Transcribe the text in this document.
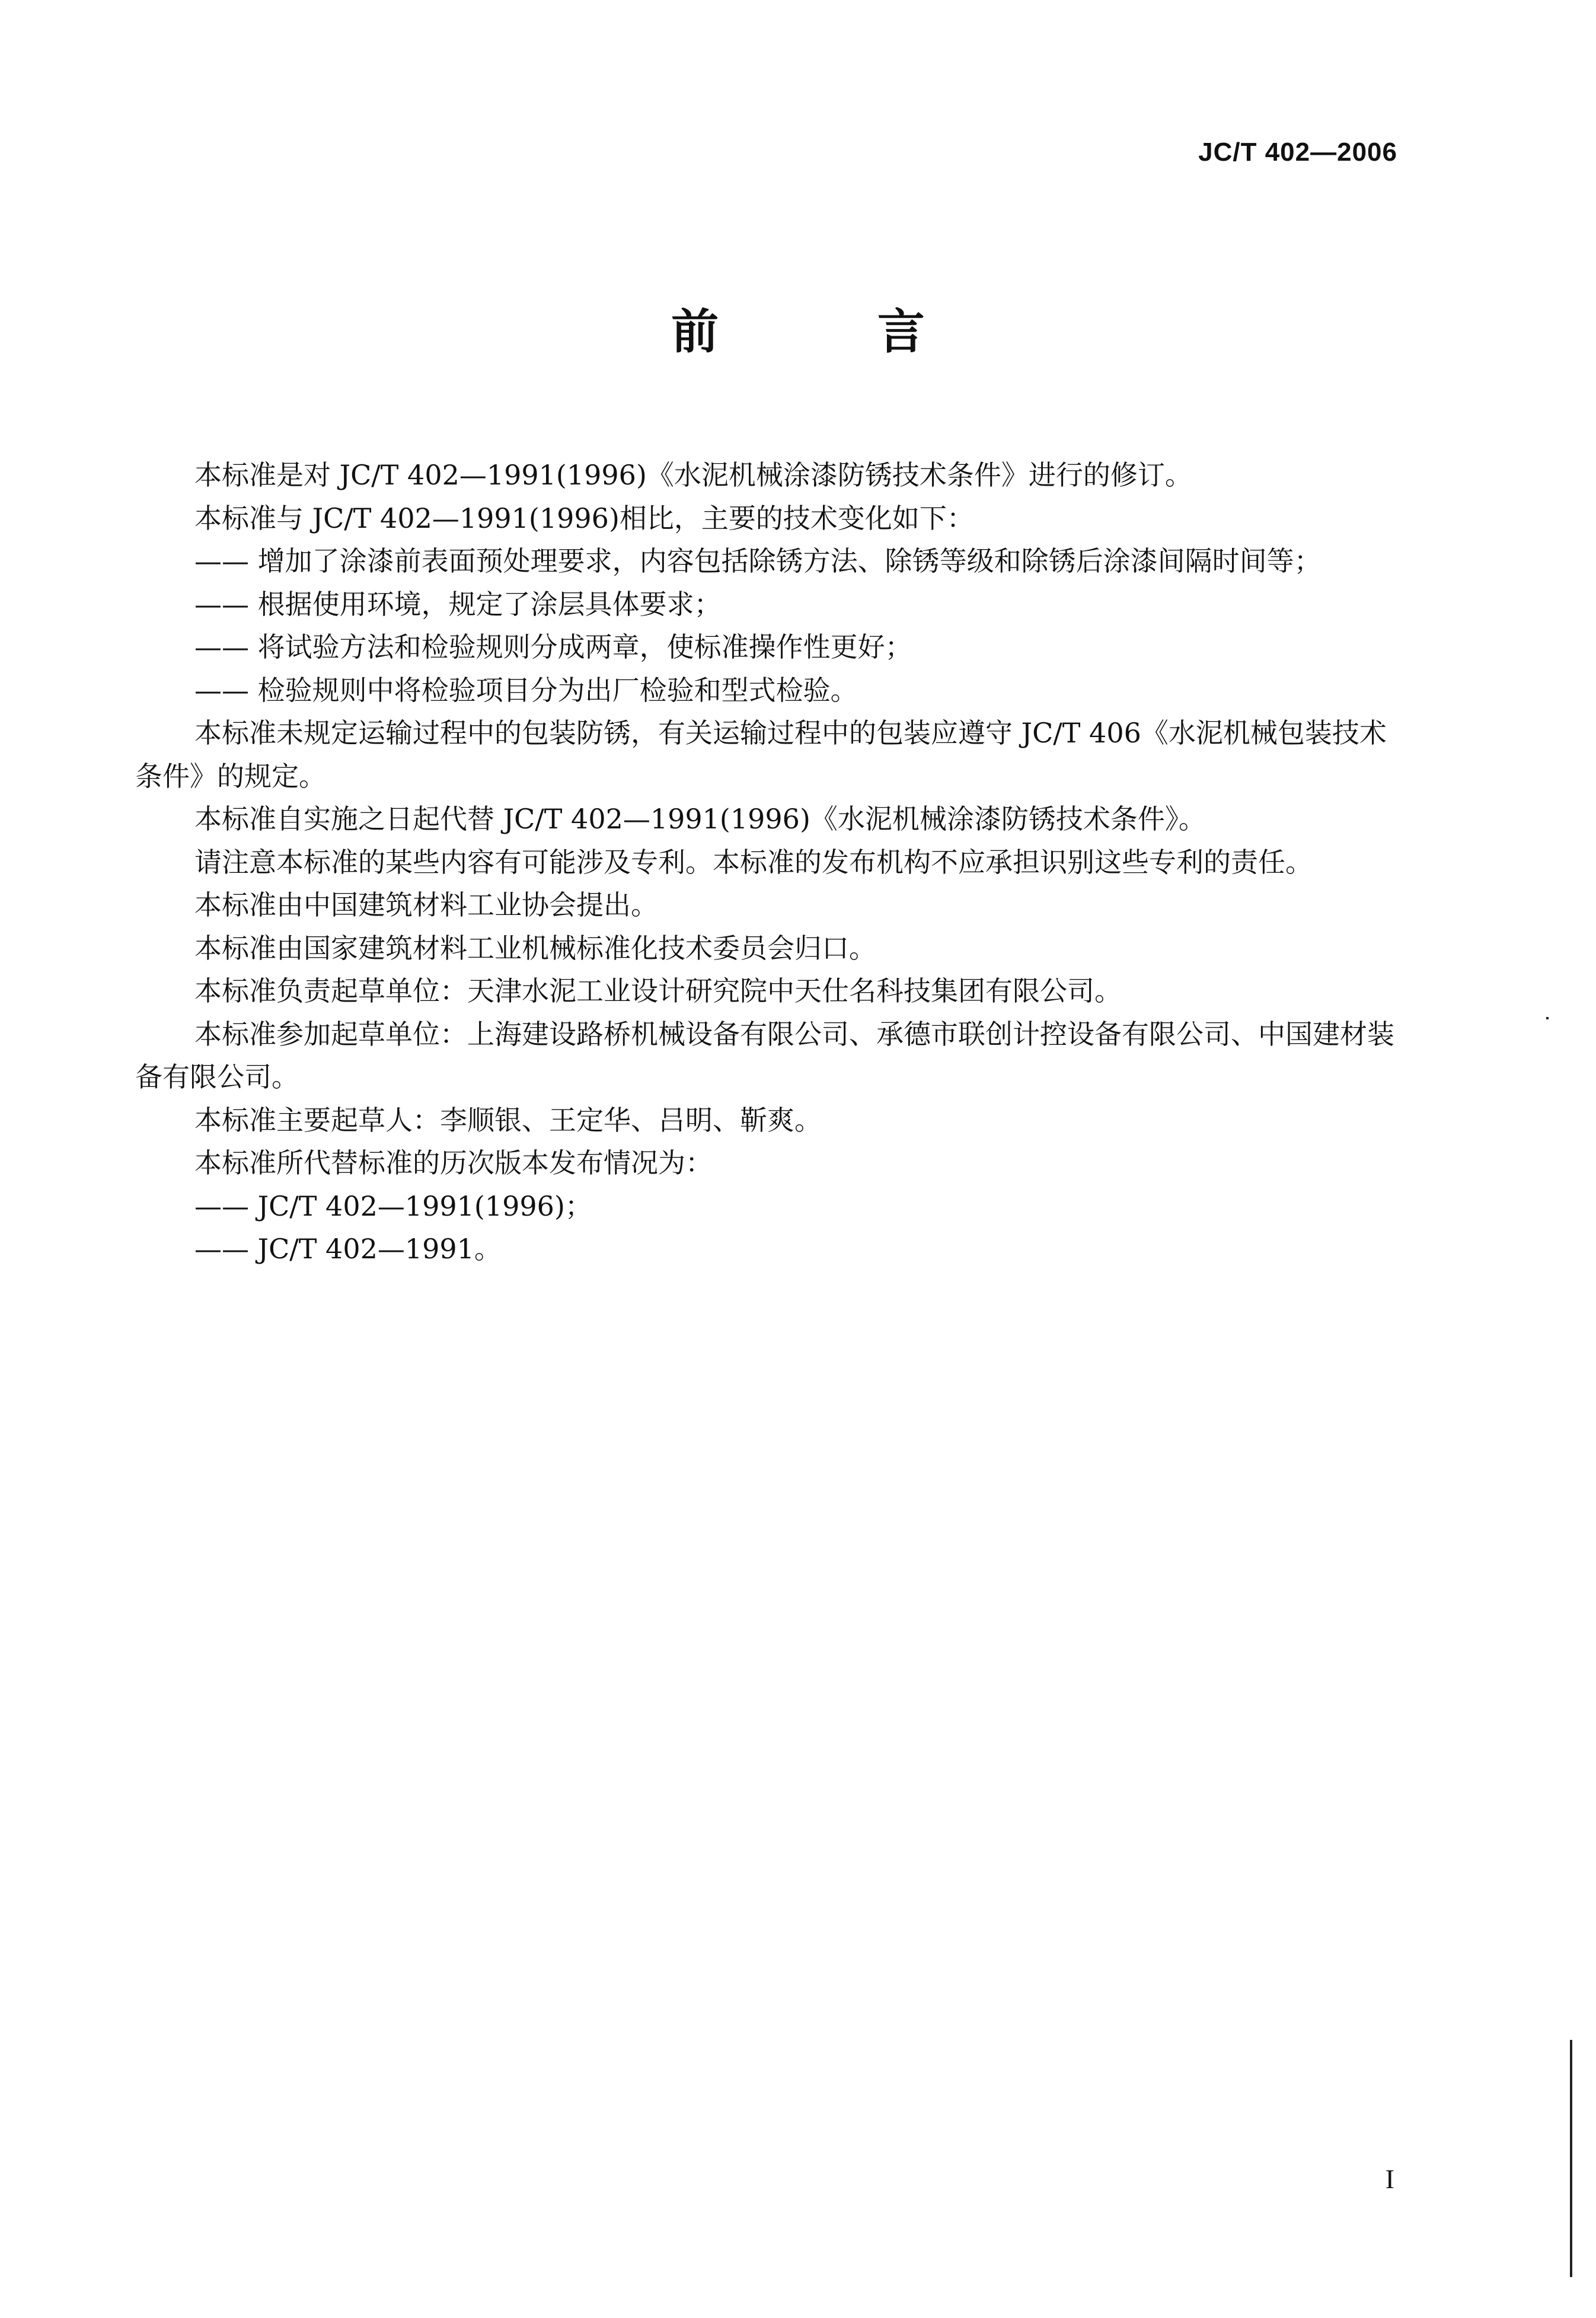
JC/T 402—2006
前 言

本标准是对 JC/T 402—1991(1996)《水泥机械涂漆防锈技术条件》进行的修订。

本标准与 JC/T 402—1991(1996)相比，主要的技术变化如下：

—— 增加了涂漆前表面预处理要求，内容包括除锈方法、除锈等级和除锈后涂漆间隔时间等；

—— 根据使用环境，规定了涂层具体要求；

—— 将试验方法和检验规则分成两章，使标准操作性更好；

—— 检验规则中将检验项目分为出厂检验和型式检验。

本标准未规定运输过程中的包装防锈，有关运输过程中的包装应遵守 JC/T 406《水泥机械包装技术条件》的规定。

本标准自实施之日起代替 JC/T 402—1991(1996)《水泥机械涂漆防锈技术条件》。

请注意本标准的某些内容有可能涉及专利。本标准的发布机构不应承担识别这些专利的责任。

本标准由中国建筑材料工业协会提出。

本标准由国家建筑材料工业机械标准化技术委员会归口。

本标准负责起草单位：天津水泥工业设计研究院中天仕名科技集团有限公司。

本标准参加起草单位：上海建设路桥机械设备有限公司、承德市联创计控设备有限公司、中国建材装备有限公司。

本标准主要起草人：李顺银、王定华、吕明、靳爽。

本标准所代替标准的历次版本发布情况为：

—— JC/T 402—1991(1996)；

—— JC/T 402—1991。

I
